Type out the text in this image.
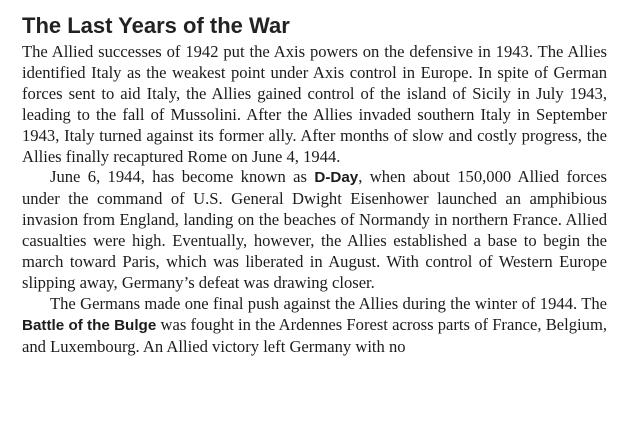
The Last Years of the War

The Allied successes of 1942 put the Axis powers on the defensive in 1943. The Allies identified Italy as the weakest point under Axis control in Europe. In spite of German forces sent to aid Italy, the Allies gained control of the island of Sicily in July 1943, leading to the fall of Mussolini. After the Allies invaded southern Italy in September 1943, Italy turned against its former ally. After months of slow and costly progress, the Allies finally recaptured Rome on June 4, 1944.

June 6, 1944, has become known as D-Day, when about 150,000 Allied forces under the command of U.S. General Dwight Eisenhower launched an amphibious invasion from England, landing on the beaches of Normandy in northern France. Allied casualties were high. Eventually, however, the Allies established a base to begin the march toward Paris, which was liberated in August. With control of Western Europe slipping away, Germany’s defeat was drawing closer.

The Germans made one final push against the Allies during the winter of 1944. The Battle of the Bulge was fought in the Ardennes Forest across parts of France, Belgium, and Luxembourg. An Allied victory left Germany with no
